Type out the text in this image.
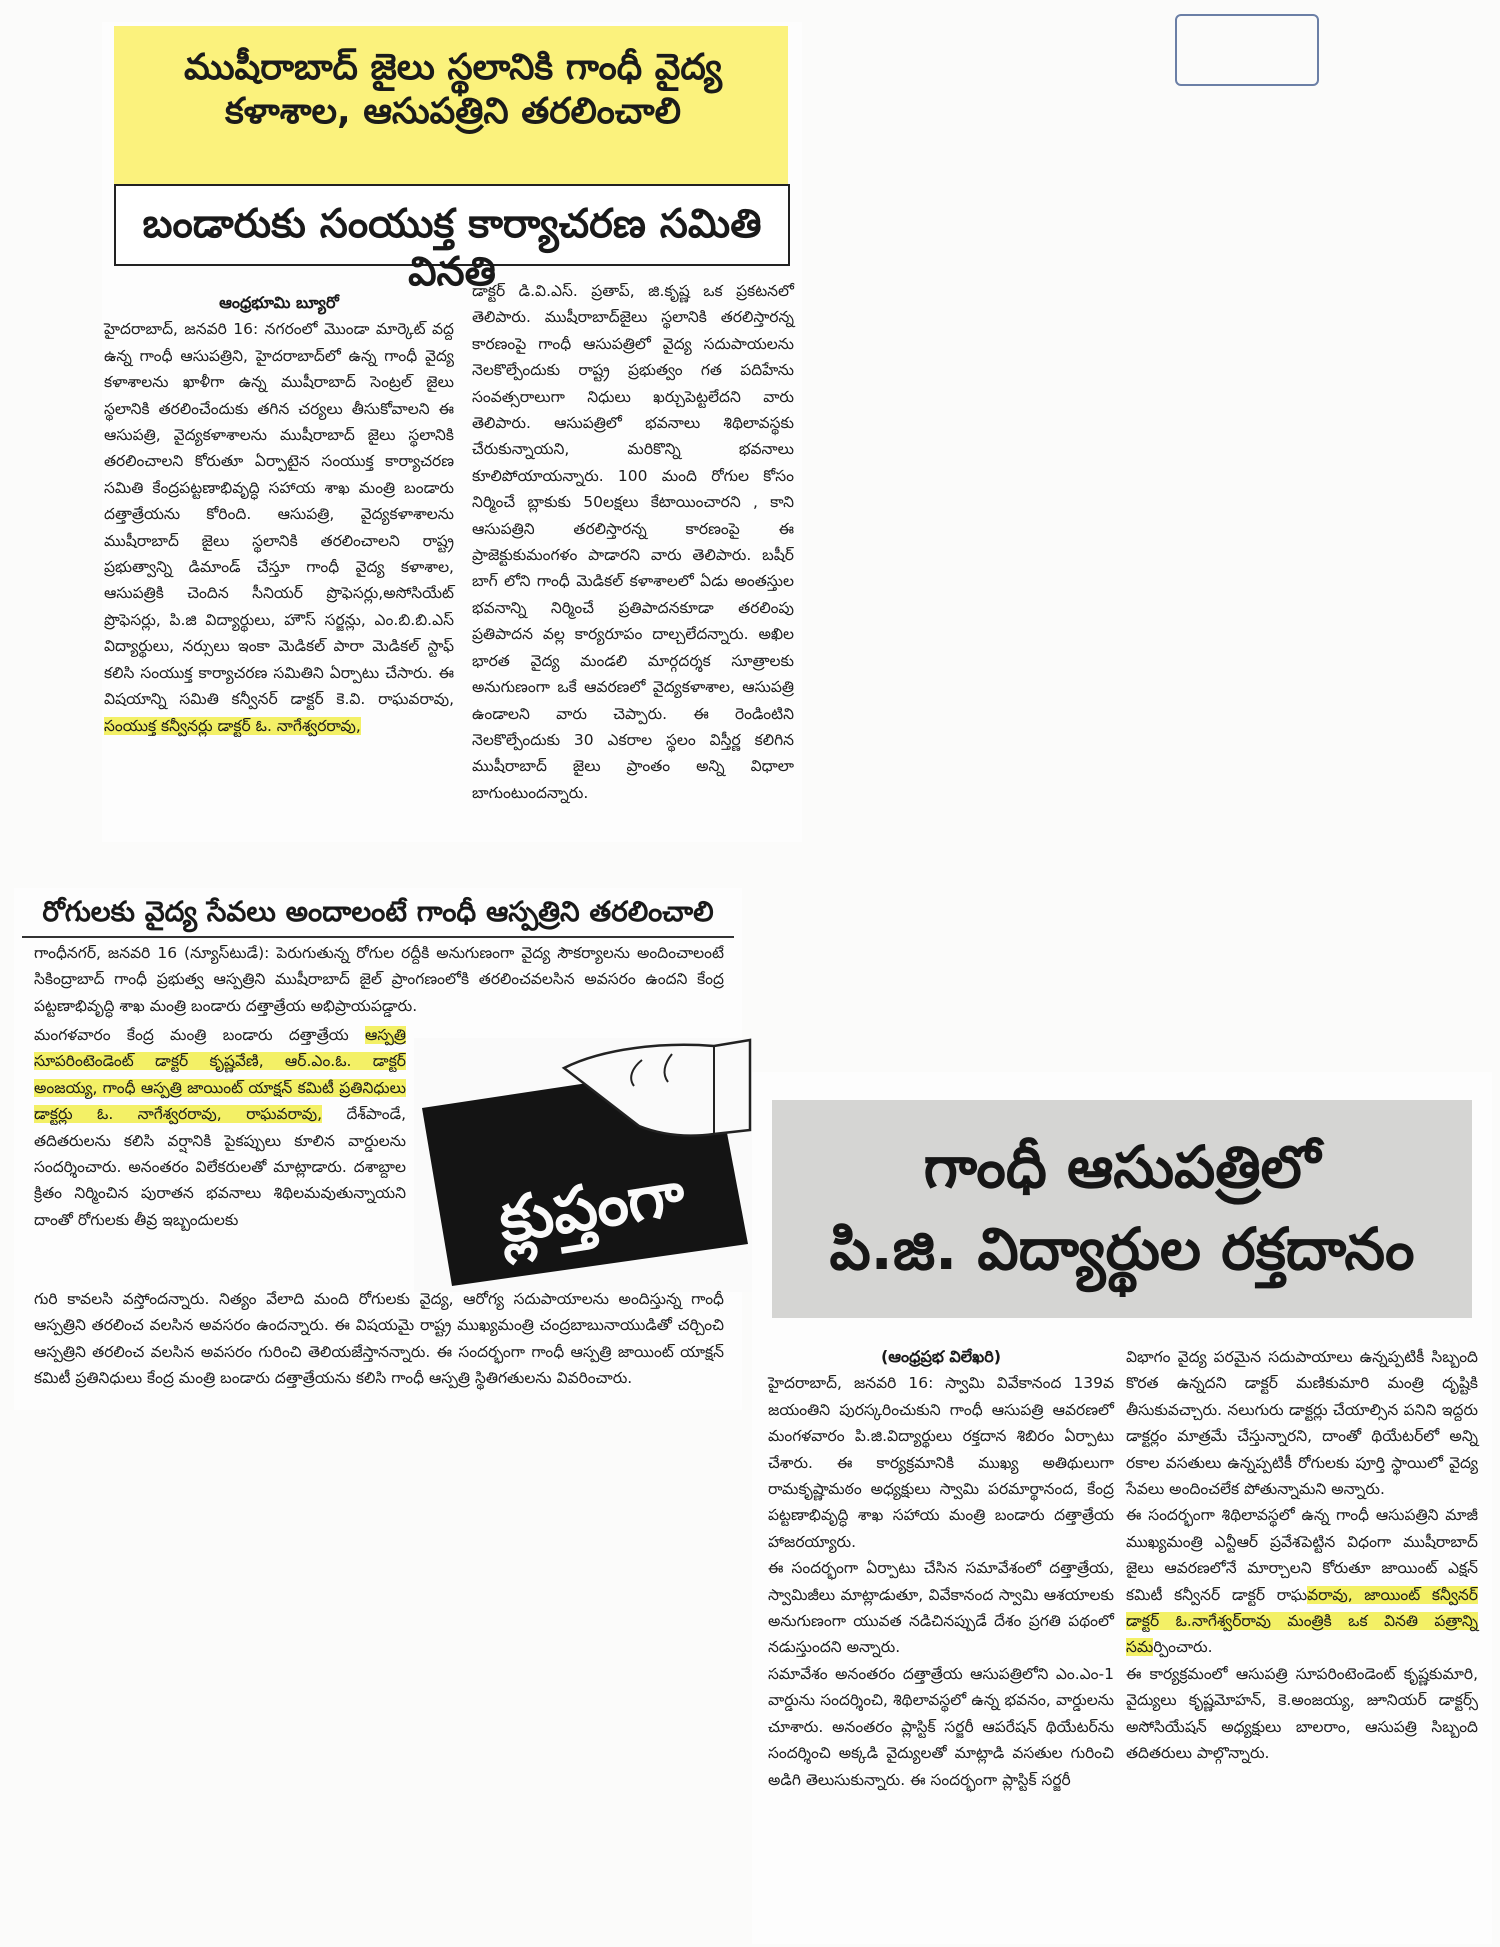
ముషీరాబాద్ జైలు స్థలానికి గాంధీ వైద్య కళాశాల, ఆసుపత్రిని తరలించాలి
బండారుకు సంయుక్త కార్యాచరణ సమితి వినతి
ఆంధ్రభూమి బ్యూరో
హైదరాబాద్, జనవరి 16: నగరంలో మొండా మార్కెట్ వద్ద ఉన్న గాంధీ ఆసుపత్రిని, హైదరాబాద్‌లో ఉన్న గాంధీ వైద్య కళాశాలను ఖాళీగా ఉన్న ముషీరాబాద్ సెంట్రల్ జైలు స్థలానికి తరలించేందుకు తగిన చర్యలు తీసుకోవాలని ఈ ఆసుపత్రి, వైద్యకళాశాలను ముషీరాబాద్ జైలు స్థలానికి తరలించాలని కోరుతూ ఏర్పాటైన సంయుక్త కార్యాచరణ సమితి కేంద్రపట్టణాభివృద్ధి సహాయ శాఖ మంత్రి బండారు దత్తాత్రేయను కోరింది. ఆసుపత్రి, వైద్యకళాశాలను ముషీరాబాద్ జైలు స్థలానికి తరలించాలని రాష్ట్ర ప్రభుత్వాన్ని డిమాండ్ చేస్తూ గాంధీ వైద్య కళాశాల, ఆసుపత్రికి చెందిన సీనియర్ ప్రొఫెసర్లు,అసోసియేట్ ప్రొఫెసర్లు, పి.జి విద్యార్థులు, హౌస్ సర్జన్లు, ఎం.బి.బి.ఎస్ విద్యార్థులు, నర్సులు ఇంకా మెడికల్ పారా మెడికల్ స్టాఫ్ కలిసి సంయుక్త కార్యాచరణ సమితిని ఏర్పాటు చేసారు. ఈ విషయాన్ని సమితి కన్వీనర్ డాక్టర్ కె.వి. రాఘవరావు, సంయుక్త కన్వీనర్లు డాక్టర్ ఓ. నాగేశ్వరరావు,
డాక్టర్ డి.వి.ఎస్. ప్రతాప్, జి.కృష్ణ ఒక ప్రకటనలో తెలిపారు. ముషీరాబాద్‌జైలు స్థలానికి తరలిస్తారన్న కారణంపై గాంధీ ఆసుపత్రిలో వైద్య సదుపాయలను నెలకొల్పేందుకు రాష్ట్ర ప్రభుత్వం గత పదిహేను సంవత్సరాలుగా నిధులు ఖర్చుపెట్టలేదని వారు తెలిపారు. ఆసుపత్రిలో భవనాలు శిథిలావస్థకు చేరుకున్నాయని, మరికొన్ని భవనాలు కూలిపోయాయన్నారు. 100 మంది రోగుల కోసం నిర్మించే బ్లాకుకు 50లక్షలు కేటాయించారని , కాని ఆసుపత్రిని తరలిస్తారన్న కారణంపై ఈ ప్రాజెక్టుకుమంగళం పాడారని వారు తెలిపారు. బషీర్ బాగ్ లోని గాంధీ మెడికల్ కళాశాలలో ఏడు అంతస్తుల భవనాన్ని నిర్మించే ప్రతిపాదనకూడా తరలింపు ప్రతిపాదన వల్ల కార్యరూపం దాల్చలేదన్నారు. అఖిల భారత వైద్య మండలి మార్గదర్శక సూత్రాలకు అనుగుణంగా ఒకే ఆవరణలో వైద్యకళాశాల, ఆసుపత్రి ఉండాలని వారు చెప్పారు. ఈ రెండింటిని నెలకొల్పేందుకు 30 ఎకరాల స్థలం విస్తీర్ణ కలిగిన ముషీరాబాద్ జైలు ప్రాంతం అన్ని విధాలా బాగుంటుందన్నారు.
రోగులకు వైద్య సేవలు అందాలంటే గాంధీ ఆస్పత్రిని తరలించాలి
గాంధీనగర్, జనవరి 16 (న్యూస్‌టుడే): పెరుగుతున్న రోగుల రద్దీకి అనుగుణంగా వైద్య సౌకర్యాలను అందించాలంటే సికింద్రాబాద్ గాంధీ ప్రభుత్వ ఆస్పత్రిని ముషీరాబాద్ జైల్ ప్రాంగణంలోకి తరలించవలసిన అవసరం ఉందని కేంద్ర పట్టణాభివృద్ధి శాఖ మంత్రి బండారు దత్తాత్రేయ అభిప్రాయపడ్డారు.
మంగళవారం కేంద్ర మంత్రి బండారు దత్తాత్రేయ ఆస్పత్రి సూపరింటెండెంట్ డాక్టర్ కృష్ణవేణి, ఆర్.ఎం.ఓ. డాక్టర్ అంజయ్య, గాంధీ ఆస్పత్రి జాయింట్ యాక్షన్ కమిటీ ప్రతినిధులు డాక్టర్లు ఓ. నాగేశ్వరరావు, రాఘవరావు, దేశ్‌పాండే, తదితరులను కలిసి వర్షానికి పైకప్పులు కూలిన వార్డులను సందర్శించారు. అనంతరం విలేకరులతో మాట్లాడారు. దశాబ్దాల క్రితం నిర్మించిన పురాతన భవనాలు శిథిలమవుతున్నాయని దాంతో రోగులకు తీవ్ర ఇబ్బందులకు	క్లుప్తంగా
గురి కావలసి వస్తోందన్నారు. నిత్యం వేలాది మంది రోగులకు వైద్య, ఆరోగ్య సదుపాయాలను అందిస్తున్న గాంధీ ఆస్పత్రిని తరలించ వలసిన అవసరం ఉందన్నారు. ఈ విషయమై రాష్ట్ర ముఖ్యమంత్రి చంద్రబాబునాయుడితో చర్చించి ఆస్పత్రిని తరలించ వలసిన అవసరం గురించి తెలియజేస్తానన్నారు. ఈ సందర్భంగా గాంధీ ఆస్పత్రి జాయింట్ యాక్షన్ కమిటీ ప్రతినిధులు కేంద్ర మంత్రి బండారు దత్తాత్రేయను కలిసి గాంధీ ఆస్పత్రి స్థితిగతులను వివరించారు.
గాంధీ ఆసుపత్రిలో
పి.జి. విద్యార్థుల రక్తదానం
(ఆంధ్రప్రభ విలేఖరి)
హైదరాబాద్, జనవరి 16: స్వామి వివేకానంద 139వ జయంతిని పురస్కరించుకుని గాంధీ ఆసుపత్రి ఆవరణలో మంగళవారం పి.జి.విద్యార్థులు రక్తదాన శిబిరం ఏర్పాటు చేశారు. ఈ కార్యక్రమానికి ముఖ్య అతిథులుగా రామకృష్ణామఠం అధ్యక్షులు స్వామి పరమార్థానంద, కేంద్ర పట్టణాభివృద్ధి శాఖ సహాయ మంత్రి బండారు దత్తాత్రేయ హాజరయ్యారు.
ఈ సందర్భంగా ఏర్పాటు చేసిన సమావేశంలో దత్తాత్రేయ, స్వామిజీలు మాట్లాడుతూ, వివేకానంద స్వామి ఆశయాలకు అనుగుణంగా యువత నడిచినప్పుడే దేశం ప్రగతి పథంలో నడుస్తుందని అన్నారు.
సమావేశం అనంతరం దత్తాత్రేయ ఆసుపత్రిలోని ఎం.ఎం-1 వార్డును సందర్శించి, శిథిలావస్థలో ఉన్న భవనం, వార్డులను చూశారు. అనంతరం ప్లాస్టిక్ సర్జరీ ఆపరేషన్ థియేటర్‌ను సందర్శించి అక్కడి వైద్యులతో మాట్లాడి వసతుల గురించి అడిగి తెలుసుకున్నారు. ఈ సందర్భంగా ప్లాస్టిక్ సర్జరీ
విభాగం వైద్య పరమైన సదుపాయాలు ఉన్నప్పటికీ సిబ్బంది కొరత ఉన్నదని డాక్టర్ మణికుమారి మంత్రి దృష్టికి తీసుకువచ్చారు. నలుగురు డాక్టర్లు చేయాల్సిన పనిని ఇద్దరు డాక్టర్లం మాత్రమే చేస్తున్నారని, దాంతో థియేటర్‌లో అన్ని రకాల వసతులు ఉన్నప్పటికీ రోగులకు పూర్తి స్థాయిలో వైద్య సేవలు అందించలేక పోతున్నామని అన్నారు.
ఈ సందర్భంగా శిథిలావస్థలో ఉన్న గాంధీ ఆసుపత్రిని మాజీ ముఖ్యమంత్రి ఎన్టీఆర్ ప్రవేశపెట్టిన విధంగా ముషీరాబాద్ జైలు ఆవరణలోనే మార్చాలని కోరుతూ జాయింట్ ఎక్షన్ కమిటీ కన్వీనర్ డాక్టర్ రాఘవరావు, జాయింట్ కన్వీనర్ డాక్టర్ ఓ.నాగేశ్వర్‌రావు మంత్రికి ఒక వినతి పత్రాన్ని సమర్పించారు.
ఈ కార్యక్రమంలో ఆసుపత్రి సూపరింటెండెంట్ కృష్ణకుమారి, వైద్యులు కృష్ణమోహన్, కె.అంజయ్య, జూనియర్ డాక్టర్స్ అసోసియేషన్ అధ్యక్షులు బాలరాం, ఆసుపత్రి సిబ్బంది తదితరులు పాల్గొన్నారు.
